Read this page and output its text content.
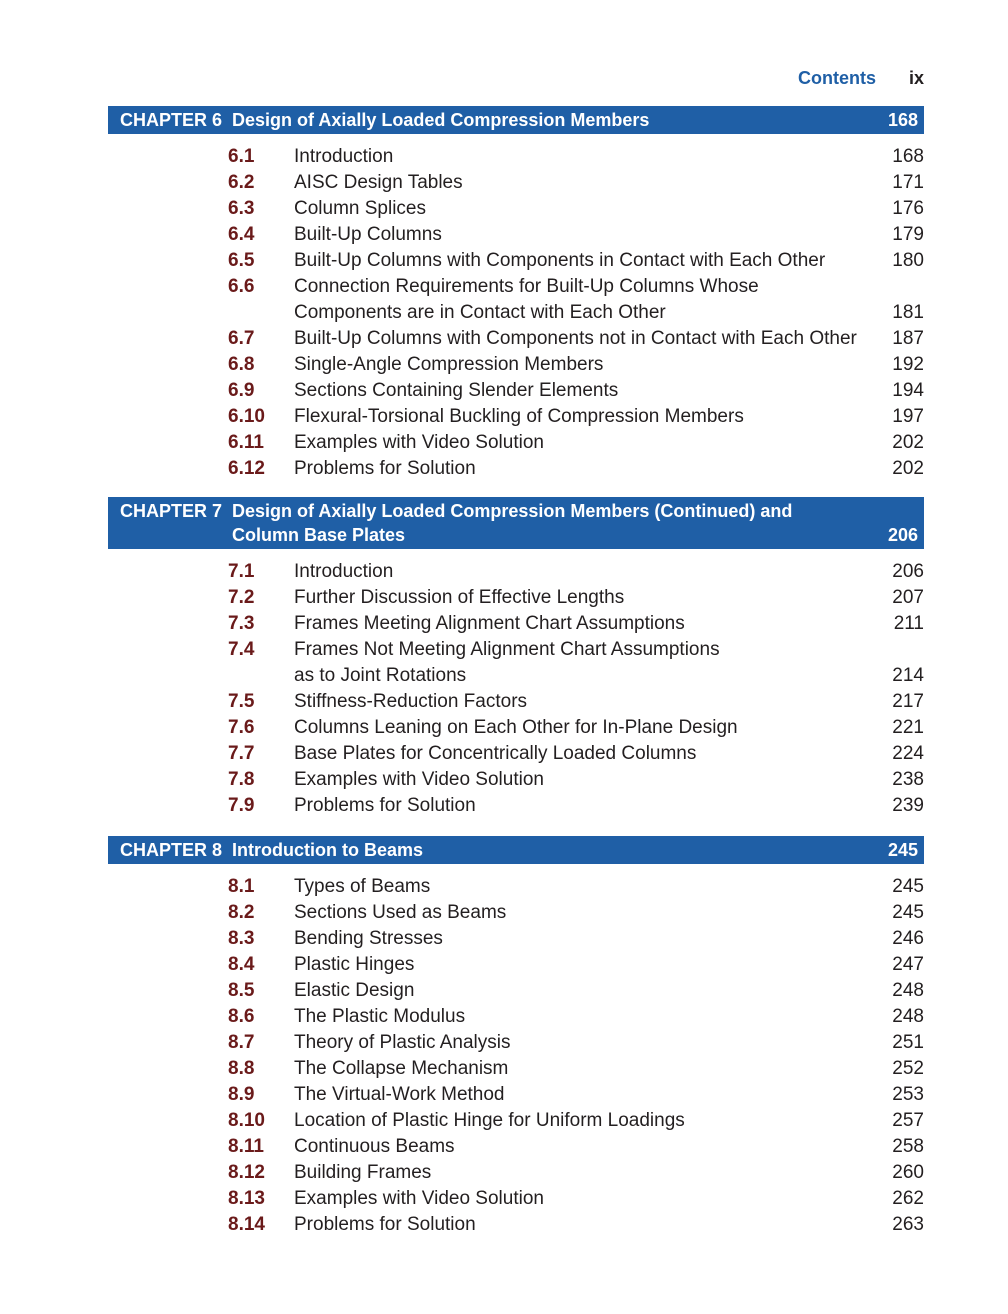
Contents ix
CHAPTER 6 Design of Axially Loaded Compression Members	168
6.1	Introduction	168
6.2	AISC Design Tables	171
6.3	Column Splices	176
6.4	Built-Up Columns	179
6.5	Built-Up Columns with Components in Contact with Each Other	180
6.6	Connection Requirements for Built-Up Columns Whose
Components are in Contact with Each Other	181
6.7	Built-Up Columns with Components not in Contact with Each Other	187
6.8	Single-Angle Compression Members	192
6.9	Sections Containing Slender Elements	194
6.10	Flexural-Torsional Buckling of Compression Members	197
6.11	Examples with Video Solution	202
6.12	Problems for Solution	202
CHAPTER 7 Design of Axially Loaded Compression Members (Continued) and
Column Base Plates	206
7.1	Introduction	206
7.2	Further Discussion of Effective Lengths	207
7.3	Frames Meeting Alignment Chart Assumptions	211
7.4	Frames Not Meeting Alignment Chart Assumptions
as to Joint Rotations	214
7.5	Stiffness-Reduction Factors	217
7.6	Columns Leaning on Each Other for In-Plane Design	221
7.7	Base Plates for Concentrically Loaded Columns	224
7.8	Examples with Video Solution	238
7.9	Problems for Solution	239
CHAPTER 8 Introduction to Beams	245
8.1	Types of Beams	245
8.2	Sections Used as Beams	245
8.3	Bending Stresses	246
8.4	Plastic Hinges	247
8.5	Elastic Design	248
8.6	The Plastic Modulus	248
8.7	Theory of Plastic Analysis	251
8.8	The Collapse Mechanism	252
8.9	The Virtual-Work Method	253
8.10	Location of Plastic Hinge for Uniform Loadings	257
8.11	Continuous Beams	258
8.12	Building Frames	260
8.13	Examples with Video Solution	262
8.14	Problems for Solution	263
